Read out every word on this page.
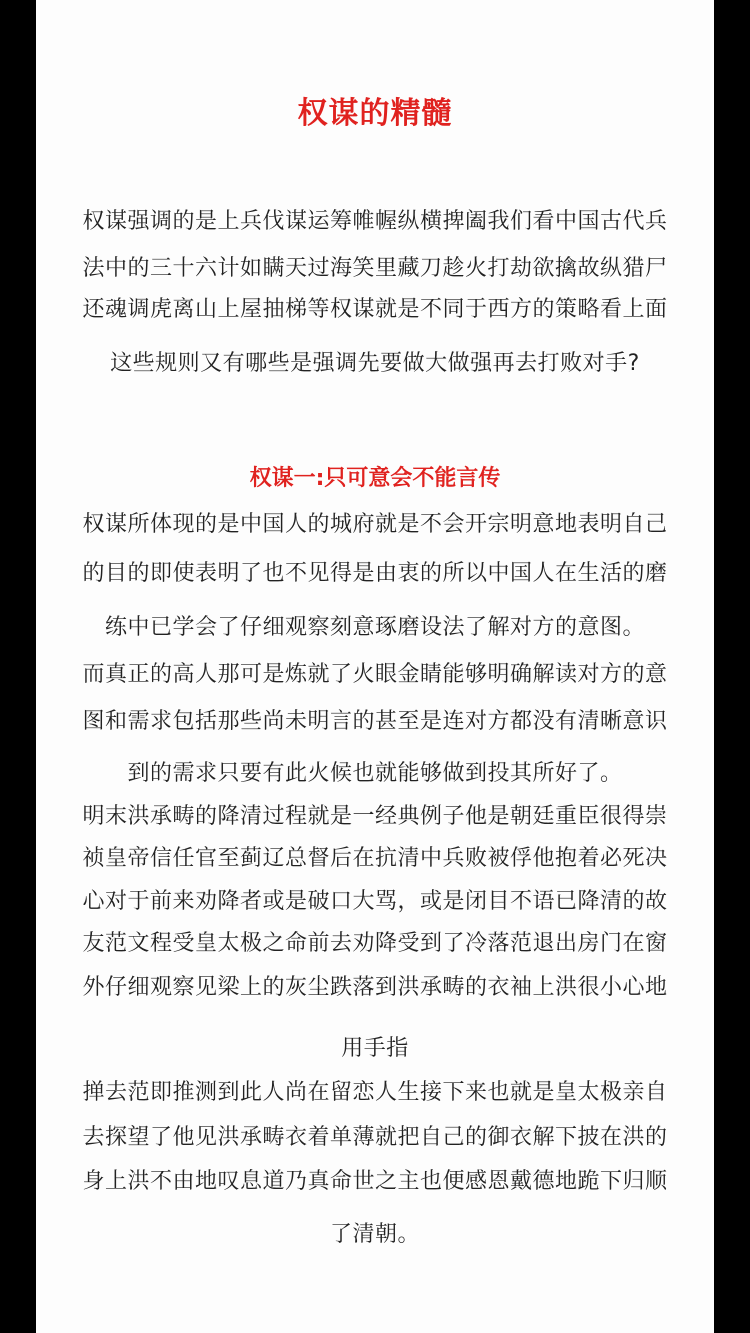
权谋的精髓
权谋强调的是上兵伐谋运筹帷幄纵横捭阖我们看中国古代兵
法中的三十六计如瞒天过海笑里藏刀趁火打劫欲擒故纵猎尸
还魂调虎离山上屋抽梯等权谋就是不同于西方的策略看上面
这些规则又有哪些是强调先要做大做强再去打败对手?
权谋一:只可意会不能言传
权谋所体现的是中国人的城府就是不会开宗明意地表明自己
的目的即使表明了也不见得是由衷的所以中国人在生活的磨
练中已学会了仔细观察刻意琢磨设法了解对方的意图。
而真正的高人那可是炼就了火眼金睛能够明确解读对方的意
图和需求包括那些尚未明言的甚至是连对方都没有清晰意识
到的需求只要有此火候也就能够做到投其所好了。
明末洪承畴的降清过程就是一经典例子他是朝廷重臣很得崇
祯皇帝信任官至蓟辽总督后在抗清中兵败被俘他抱着必死决
心对于前来劝降者或是破口大骂，或是闭目不语已降清的故
友范文程受皇太极之命前去劝降受到了冷落范退出房门在窗
外仔细观察见梁上的灰尘跌落到洪承畴的衣袖上洪很小心地
用手指
掸去范即推测到此人尚在留恋人生接下来也就是皇太极亲自
去探望了他见洪承畴衣着单薄就把自己的御衣解下披在洪的
身上洪不由地叹息道乃真命世之主也便感恩戴德地跪下归顺
了清朝。
